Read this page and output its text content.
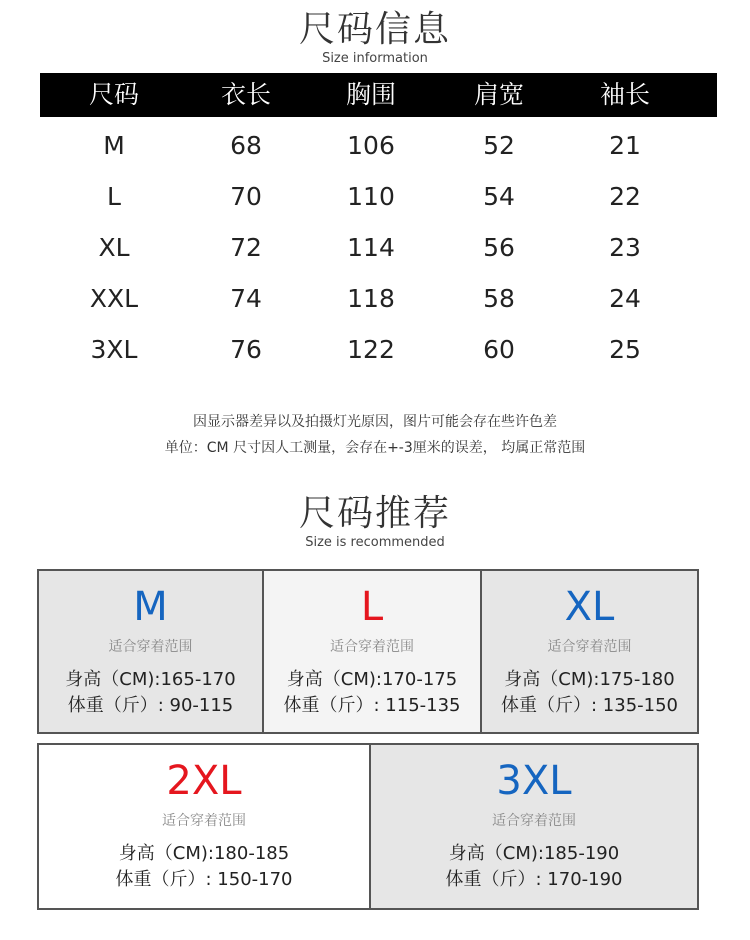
尺码信息
Size information
尺码	衣长	胸围	肩宽	袖长
M	68	106	52	21
L	70	110	54	22
XL	72	114	56	23
XXL	74	118	58	24
3XL	76	122	60	25
因显示器差异以及拍摄灯光原因，图片可能会存在些许色差
单位：CM 尺寸因人工测量，会存在+-3厘米的误差， 均属正常范围
尺码推荐
Size is recommended
M
适合穿着范围
身高（CM):165-170
体重（斤）: 90-115
L
适合穿着范围
身高（CM):170-175
体重（斤）: 115-135
XL
适合穿着范围
身高（CM):175-180
体重（斤）: 135-150
2XL
适合穿着范围
身高（CM):180-185
体重（斤）: 150-170
3XL
适合穿着范围
身高（CM):185-190
体重（斤）: 170-190
